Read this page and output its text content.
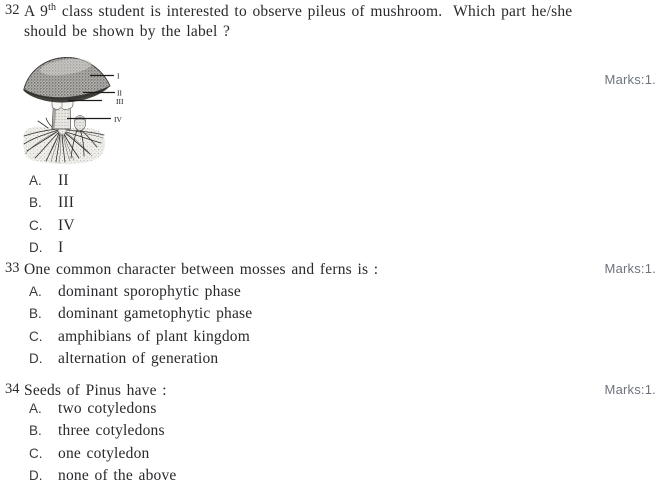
32 A 9th class student is interested to observe pileus of mushroom.  Which part he/she
should be shown by the label ?
Marks:1.
I
II
III
IV
A.	II
B.	III
C.	IV
D.	I
33 One common character between mosses and ferns is :	Marks:1.
A.	dominant sporophytic phase
B.	dominant gametophytic phase
C.	amphibians of plant kingdom
D.	alternation of generation
34 Seeds of Pinus have :	Marks:1.
A.	two cotyledons
B.	three cotyledons
C.	one cotyledon
D.	none of the above
